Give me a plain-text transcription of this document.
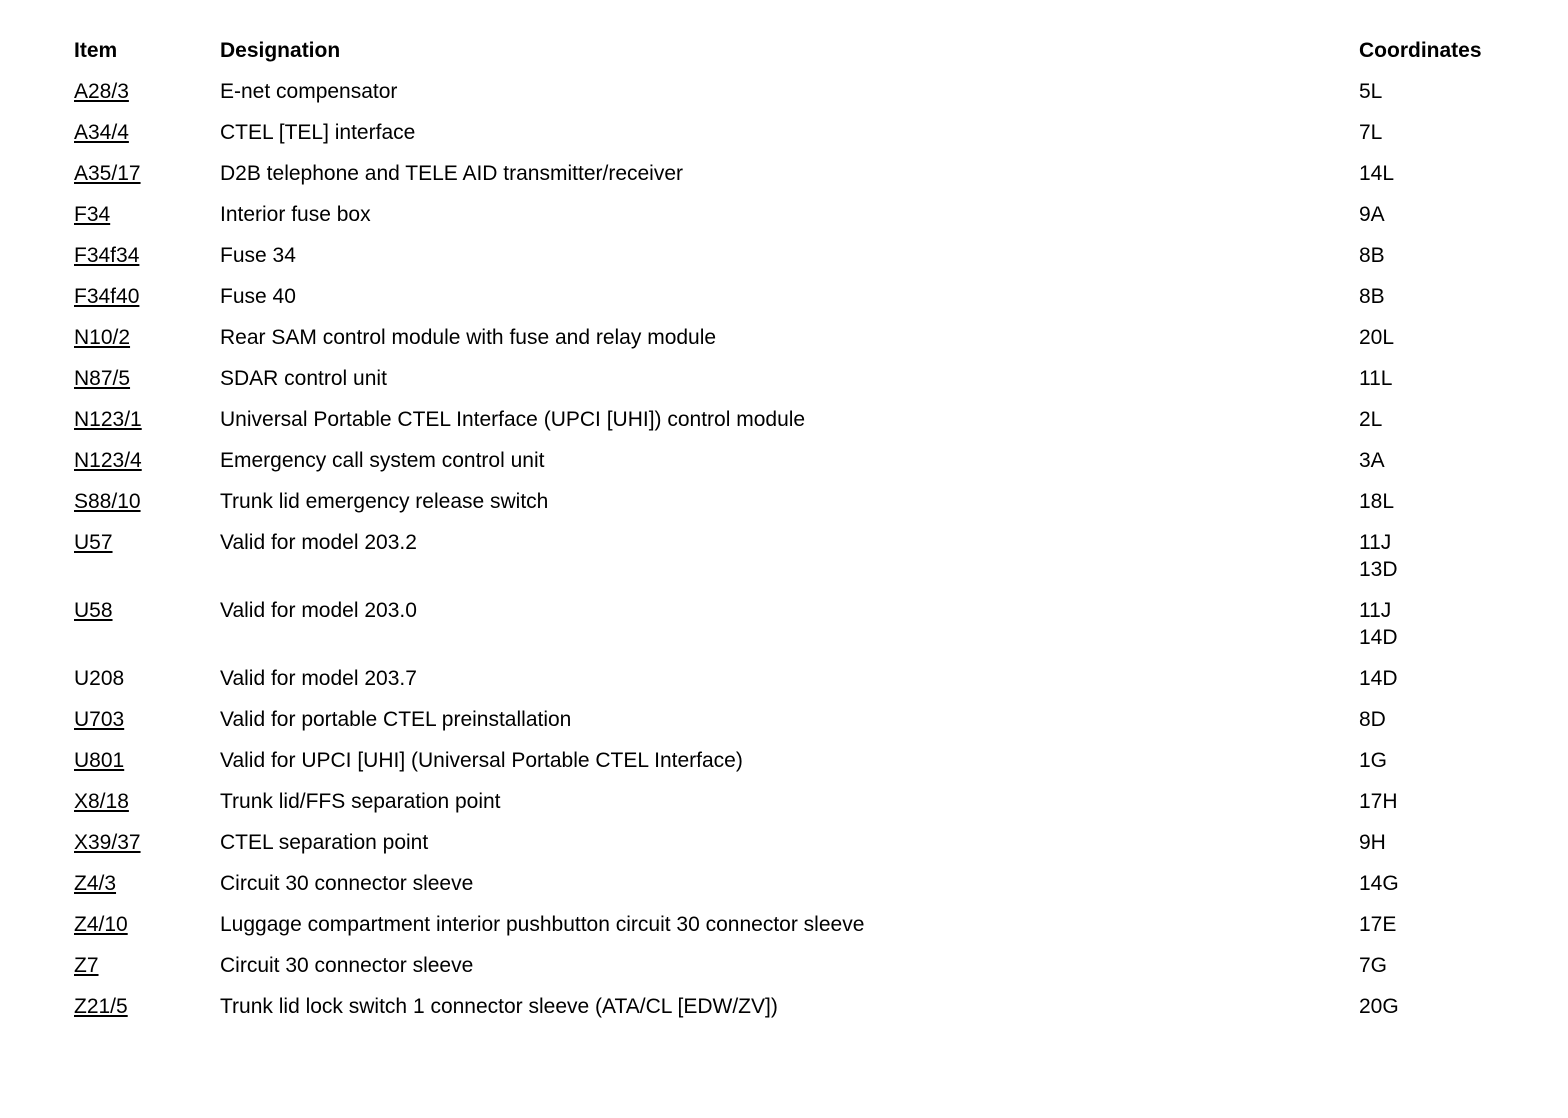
Item	Designation	Coordinates
A28/3	E-net compensator	5L

A34/4	CTEL [TEL] interface	7L

A35/17	D2B telephone and TELE AID transmitter/receiver	14L

F34	Interior fuse box	9A

F34f34	Fuse 34	8B

F34f40	Fuse 40	8B

N10/2	Rear SAM control module with fuse and relay module	20L

N87/5	SDAR control unit	11L

N123/1	Universal Portable CTEL Interface (UPCI [UHI]) control module	2L

N123/4	Emergency call system control unit	3A

S88/10	Trunk lid emergency release switch	18L

U57	Valid for model 203.2	11J
13D

U58	Valid for model 203.0	11J
14D

U208	Valid for model 203.7	14D

U703	Valid for portable CTEL preinstallation	8D

U801	Valid for UPCI [UHI] (Universal Portable CTEL Interface)	1G

X8/18	Trunk lid/FFS separation point	17H

X39/37	CTEL separation point	9H

Z4/3	Circuit 30 connector sleeve	14G

Z4/10	Luggage compartment interior pushbutton circuit 30 connector sleeve	17E

Z7	Circuit 30 connector sleeve	7G

Z21/5	Trunk lid lock switch 1 connector sleeve (ATA/CL [EDW/ZV])	20G
